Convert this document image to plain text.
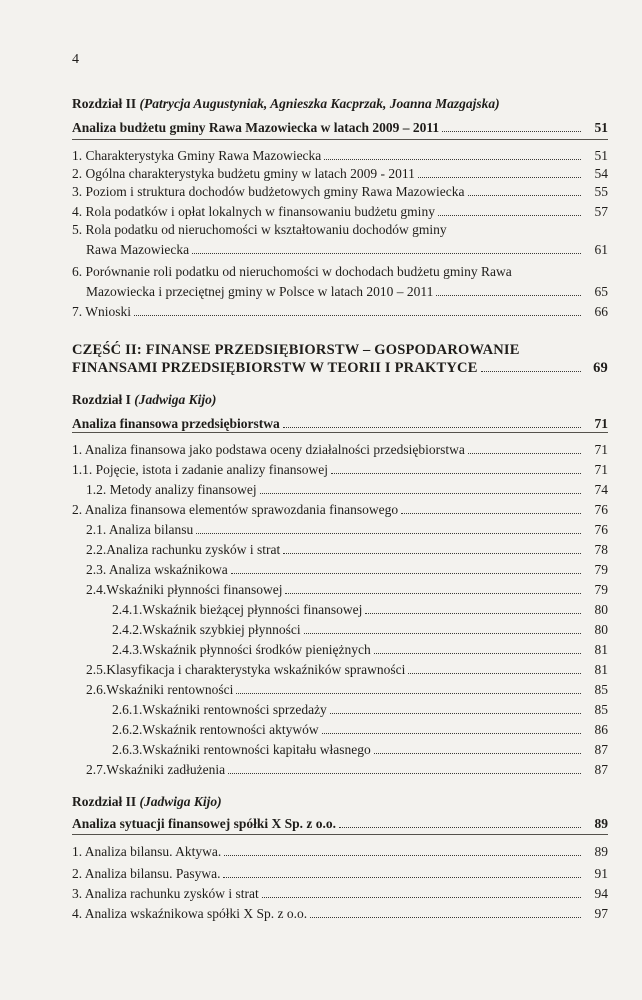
4
Rozdział II (Patrycja Augustyniak, Agnieszka Kacprzak, Joanna Mazgajska)
Analiza budżetu gminy Rawa Mazowiecka w latach 2009 – 2011	51
1. Charakterystyka Gminy Rawa Mazowiecka	51
2. Ogólna charakterystyka budżetu gminy w latach 2009 - 2011	54
3. Poziom i struktura dochodów budżetowych gminy Rawa Mazowiecka	55
4. Rola podatków i opłat lokalnych w finansowaniu budżetu gminy	57
5. Rola podatku od nieruchomości w kształtowaniu dochodów gminy
Rawa Mazowiecka	61
6. Porównanie roli podatku od nieruchomości w dochodach budżetu gminy Rawa
Mazowiecka i przeciętnej gminy w Polsce w latach 2010 – 2011	65
7. Wnioski	66
CZĘŚĆ II: FINANSE PRZEDSIĘBIORSTW – GOSPODAROWANIE
FINANSAMI PRZEDSIĘBIORSTW W TEORII I PRAKTYCE	69
Rozdział I (Jadwiga Kijo)
Analiza finansowa przedsiębiorstwa	71
1. Analiza finansowa jako podstawa oceny działalności przedsiębiorstwa	71
1.1. Pojęcie, istota i zadanie analizy finansowej	71
1.2. Metody analizy finansowej	74
2. Analiza finansowa elementów sprawozdania finansowego	76
2.1. Analiza bilansu	76
2.2.Analiza rachunku zysków i strat	78
2.3. Analiza wskaźnikowa	79
2.4.Wskaźniki płynności finansowej	79
2.4.1.Wskaźnik bieżącej płynności finansowej	80
2.4.2.Wskaźnik szybkiej płynności	80
2.4.3.Wskaźnik płynności środków pieniężnych	81
2.5.Klasyfikacja i charakterystyka wskaźników sprawności	81
2.6.Wskaźniki rentowności	85
2.6.1.Wskaźniki rentowności sprzedaży	85
2.6.2.Wskaźnik rentowności aktywów	86
2.6.3.Wskaźniki rentowności kapitału własnego	87
2.7.Wskaźniki zadłużenia	87
Rozdział II (Jadwiga Kijo)
Analiza sytuacji finansowej spółki X Sp. z o.o.	89
1. Analiza bilansu. Aktywa.	89
2. Analiza bilansu. Pasywa.	91
3. Analiza rachunku zysków i strat	94
4. Analiza wskaźnikowa spółki X Sp. z o.o.	97
